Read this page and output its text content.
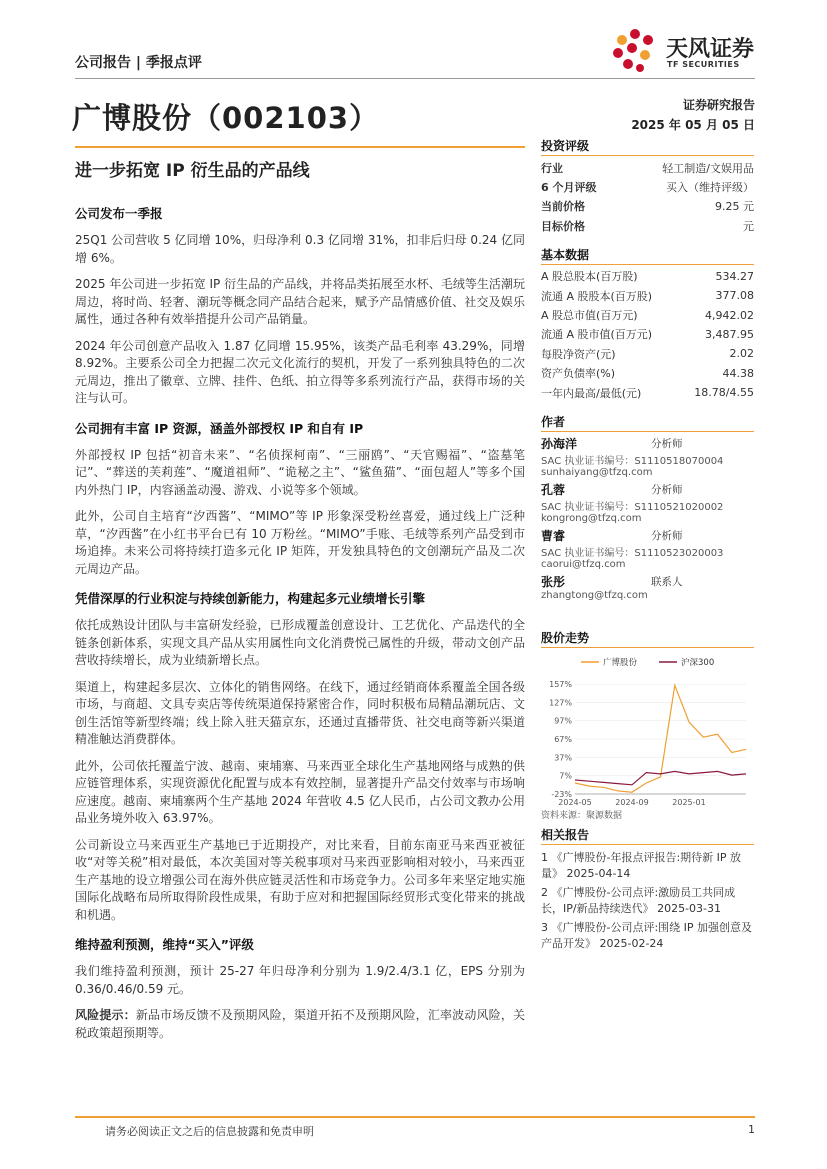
公司报告 | 季报点评
天风证券
TF SECURITIES
广博股份（002103）	证券研究报告
2025 年 05 月 05 日
进一步拓宽 IP 衍生品的产品线
公司发布一季报

25Q1 公司营收 5 亿同增 10%，归母净利 0.3 亿同增 31%，扣非后归母 0.24 亿同增 6%。

2025 年公司进一步拓宽 IP 衍生品的产品线，并将品类拓展至水杯、毛绒等生活潮玩周边，将时尚、轻奢、潮玩等概念同产品结合起来，赋予产品情感价值、社交及娱乐属性，通过各种有效举措提升公司产品销量。

2024 年公司创意产品收入 1.87 亿同增 15.95%，该类产品毛利率 43.29%，同增 8.92%。主要系公司全力把握二次元文化流行的契机，开发了一系列独具特色的二次元周边，推出了徽章、立牌、挂件、色纸、拍立得等多系列流行产品，获得市场的关注与认可。

公司拥有丰富 IP 资源，涵盖外部授权 IP 和自有 IP

外部授权 IP 包括“初音未来”、“名侦探柯南”、“三丽鸥”、“天官赐福”、“盗墓笔记”、“葬送的芙莉莲”、“魔道祖师”、“诡秘之主”、“鲨鱼猫”、“面包超人”等多个国内外热门 IP，内容涵盖动漫、游戏、小说等多个领域。

此外，公司自主培育“汐西酱”、“MIMO”等 IP 形象深受粉丝喜爱，通过线上广泛种草，“汐西酱”在小红书平台已有 10 万粉丝。“MIMO”手账、毛绒等系列产品受到市场追捧。未来公司将持续打造多元化 IP 矩阵，开发独具特色的文创潮玩产品及二次元周边产品。

凭借深厚的行业积淀与持续创新能力，构建起多元业绩增长引擎

依托成熟设计团队与丰富研发经验，已形成覆盖创意设计、工艺优化、产品迭代的全链条创新体系，实现文具产品从实用属性向文化消费悦己属性的升级，带动文创产品营收持续增长，成为业绩新增长点。

渠道上，构建起多层次、立体化的销售网络。在线下，通过经销商体系覆盖全国各级市场，与商超、文具专卖店等传统渠道保持紧密合作，同时积极布局精品潮玩店、文创生活馆等新型终端；线上除入驻天猫京东，还通过直播带货、社交电商等新兴渠道精准触达消费群体。

此外，公司依托覆盖宁波、越南、柬埔寨、马来西亚全球化生产基地网络与成熟的供应链管理体系，实现资源优化配置与成本有效控制，显著提升产品交付效率与市场响应速度。越南、柬埔寨两个生产基地 2024 年营收 4.5 亿人民币，占公司文教办公用品业务境外收入 63.97%。

公司新设立马来西亚生产基地已于近期投产，对比来看，目前东南亚马来西亚被征收“对等关税”相对最低，本次美国对等关税事项对马来西亚影响相对较小，马来西亚生产基地的设立增强公司在海外供应链灵活性和市场竞争力。公司多年来坚定地实施国际化战略布局所取得阶段性成果，有助于应对和把握国际经贸形式变化带来的挑战和机遇。

维持盈利预测，维持“买入”评级

我们维持盈利预测，预计 25-27 年归母净利分别为 1.9/2.4/3.1 亿，EPS 分别为 0.36/0.46/0.59 元。

风险提示：新品市场反馈不及预期风险，渠道开拓不及预期风险，汇率波动风险，关税政策超预期等。

投资评级
行业	轻工制造/文娱用品
6 个月评级	买入（维持评级）
当前价格	9.25 元
目标价格	元
基本数据
A 股总股本(百万股)	534.27
流通 A 股股本(百万股)	377.08
A 股总市值(百万元)	4,942.02
流通 A 股市值(百万元)	3,487.95
每股净资产(元)	2.02
资产负债率(%)	44.38
一年内最高/最低(元)	18.78/4.55
作者
孙海洋	分析师
SAC 执业证书编号：S1110518070004
sunhaiyang@tfzq.com
孔蓉	分析师
SAC 执业证书编号：S1110521020002
kongrong@tfzq.com
曹睿	分析师
SAC 执业证书编号：S1110523020003
caorui@tfzq.com
张彤	联系人
zhangtong@tfzq.com
股价走势
广博股份	沪深300
157%
127%
97%
67%
37%
7%
-23%
2024-05	2024-09	2025-01
资料来源：聚源数据
相关报告
1 《广博股份-年报点评报告:期待新 IP 放量》 2025-04-14
2 《广博股份-公司点评:激励员工共同成长，IP/新品持续迭代》 2025-03-31
3 《广博股份-公司点评:围绕 IP 加强创意及产品开发》 2025-02-24
请务必阅读正文之后的信息披露和免责申明	1
